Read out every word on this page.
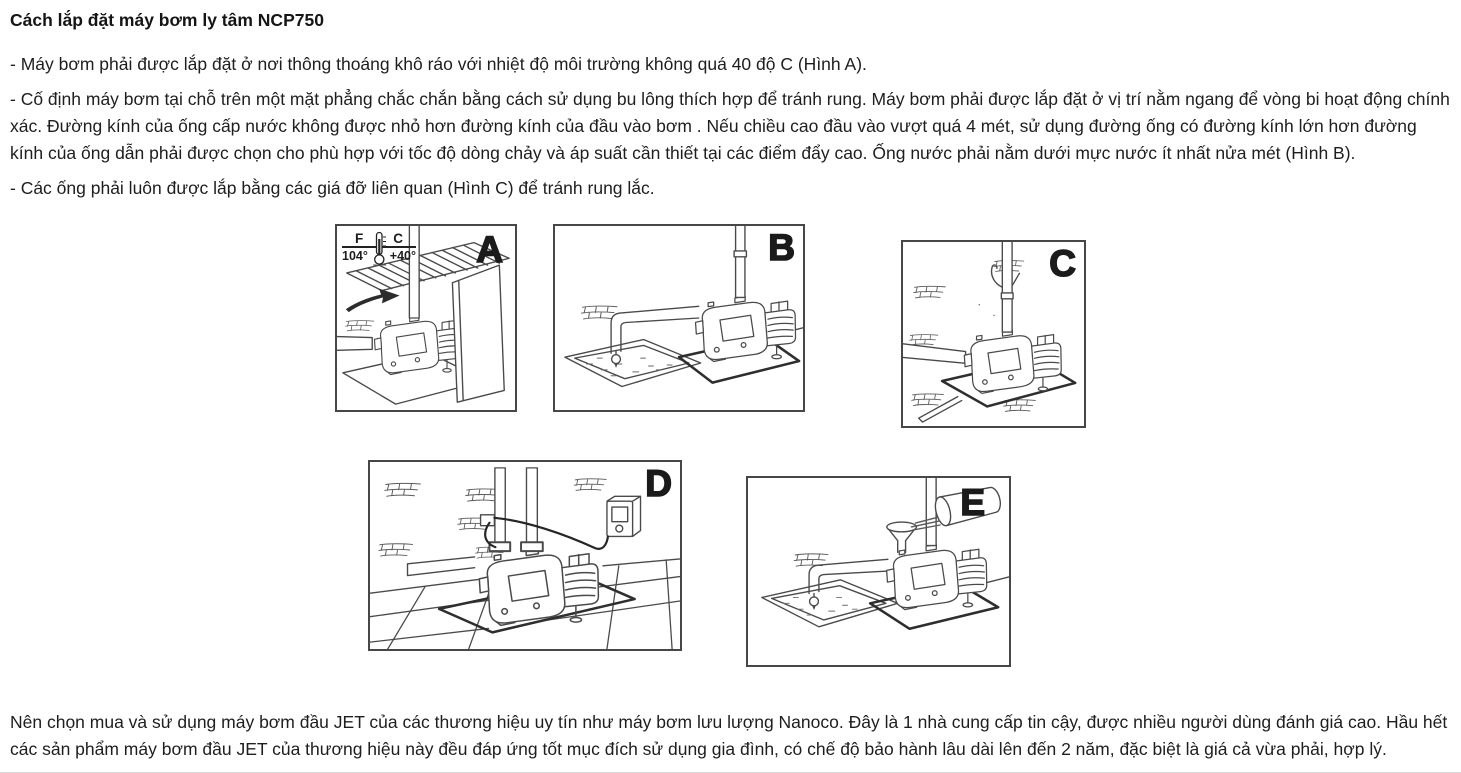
Cách lắp đặt máy bơm ly tâm NCP750

- Máy bơm phải được lắp đặt ở nơi thông thoáng khô ráo với nhiệt độ môi trường không quá 40 độ C (Hình A).

- Cố định máy bơm tại chỗ trên một mặt phẳng chắc chắn bằng cách sử dụng bu lông thích hợp để tránh rung. Máy bơm phải được lắp đặt ở vị trí nằm ngang để vòng bi hoạt động chính xác. Đường kính của ống cấp nước không được nhỏ hơn đường kính của đầu vào bơm . Nếu chiều cao đầu vào vượt quá 4 mét, sử dụng đường ống có đường kính lớn hơn đường kính của ống dẫn phải được chọn cho phù hợp với tốc độ dòng chảy và áp suất cần thiết tại các điểm đẩy cao. Ống nước phải nằm dưới mực nước ít nhất nửa mét (Hình B).

- Các ống phải luôn được lắp bằng các giá đỡ liên quan (Hình C) để tránh rung lắc.

F C
104° +40° A	B	C
D	E

Nên chọn mua và sử dụng máy bơm đầu JET của các thương hiệu uy tín như máy bơm lưu lượng Nanoco. Đây là 1 nhà cung cấp tin cậy, được nhiều người dùng đánh giá cao. Hầu hết các sản phẩm máy bơm đầu JET của thương hiệu này đều đáp ứng tốt mục đích sử dụng gia đình, có chế độ bảo hành lâu dài lên đến 2 năm, đặc biệt là giá cả vừa phải, hợp lý.
